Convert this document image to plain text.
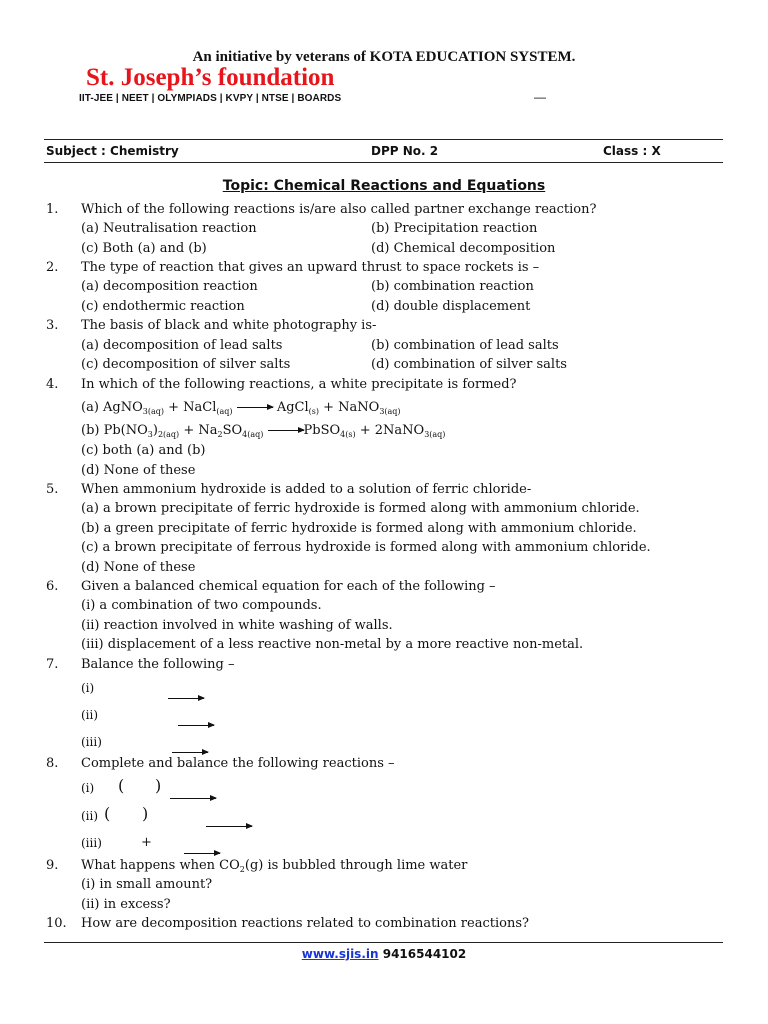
An initiative by veterans of KOTA EDUCATION SYSTEM.
St. Joseph’s foundation
IIT-JEE | NEET | OLYMPIADS | KVPY | NTSE | BOARDS	—
Subject : Chemistry	DPP No. 2	Class : X
Topic: Chemical Reactions and Equations
1. Which of the following reactions is/are also called partner exchange reaction?
(a) Neutralisation reaction	(b) Precipitation reaction
(c) Both (a) and (b)	(d) Chemical decomposition
2. The type of reaction that gives an upward thrust to space rockets is –
(a) decomposition reaction	(b) combination reaction
(c) endothermic reaction	(d) double displacement
3. The basis of black and white photography is-
(a) decomposition of lead salts	(b) combination of lead salts
(c) decomposition of silver salts	(d) combination of silver salts
4. In which of the following reactions, a white precipitate is formed?
(a) AgNO$_{3(aq)}$ + NaCl$_{(aq)}$ → AgCl$_{(s)}$ + NaNO$_{3(aq)}$
(b) $Pb(NO_3)_{2(aq)} + Na_2SO_{4(aq)}$ →PbSO$_{4(s)}$ + 2NaNO$_{3(aq)}$
(c) both (a) and (b)
(d) None of these
5. When ammonium hydroxide is added to a solution of ferric chloride-
(a) a brown precipitate of ferric hydroxide is formed along with ammonium chloride.
(b) a green precipitate of ferric hydroxide is formed along with ammonium chloride.
(c) a brown precipitate of ferrous hydroxide is formed along with ammonium chloride.
(d) None of these
6. Given a balanced chemical equation for each of the following –
(i) a combination of two compounds.
(ii) reaction involved in white washing of walls.
(iii) displacement of a less reactive non-metal by a more reactive non-metal.
7. Balance the following –
(i)
(ii)
(iii)
8. Complete and balance the following reactions –
(i) ( )
(ii) ( )
(iii)	+
9. What happens when $CO_2(g)$ is bubbled through lime water
(i) in small amount?
(ii) in excess?
10. How are decomposition reactions related to combination reactions?
www.sjis.in 9416544102
